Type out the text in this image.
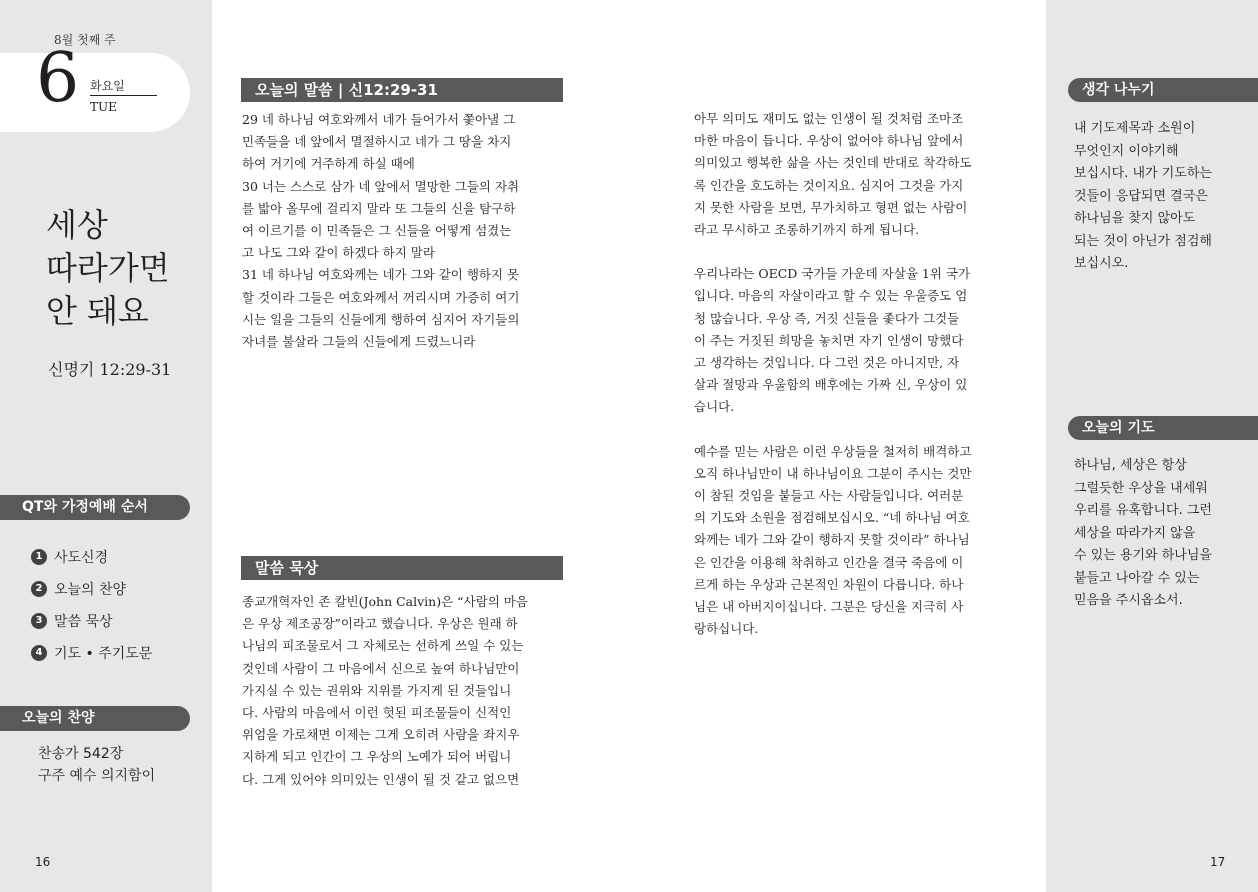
8월 첫째 주
6 화요일
TUE
세상
따라가면
안 돼요
신명기 12:29-31
QT와 가정예배 순서
1 사도신경
2 오늘의 찬양
3 말씀 묵상
4 기도 • 주기도문
오늘의 찬양
찬송가 542장
구주 예수 의지함이
16
오늘의 말씀 | 신12:29-31

29 네 하나님 여호와께서 네가 들어가서 쫓아낼 그

민족들을 네 앞에서 멸절하시고 네가 그 땅을 차지

하여 거기에 거주하게 하실 때에

30 너는 스스로 삼가 네 앞에서 멸망한 그들의 자취

를 밟아 올무에 걸리지 말라 또 그들의 신을 탐구하

여 이르기를 이 민족들은 그 신들을 어떻게 섬겼는

고 나도 그와 같이 하겠다 하지 말라

31 네 하나님 여호와께는 네가 그와 같이 행하지 못

할 것이라 그들은 여호와께서 꺼리시며 가증히 여기

시는 일을 그들의 신들에게 행하여 심지어 자기들의

자녀를 불살라 그들의 신들에게 드렸느니라

말씀 묵상

종교개혁자인 존 칼빈(John Calvin)은 “사람의 마음

은 우상 제조공장”이라고 했습니다. 우상은 원래 하

나님의 피조물로서 그 자체로는 선하게 쓰일 수 있는

것인데 사람이 그 마음에서 신으로 높여 하나님만이

가지실 수 있는 권위와 지위를 가지게 된 것들입니

다. 사람의 마음에서 이런 헛된 피조물들이 신적인

위엄을 가로채면 이제는 그게 오히려 사람을 좌지우

지하게 되고 인간이 그 우상의 노예가 되어 버립니

다. 그게 있어야 의미있는 인생이 될 것 같고 없으면

아무 의미도 재미도 없는 인생이 될 것처럼 조마조

마한 마음이 듭니다. 우상이 없어야 하나님 앞에서

의미있고 행복한 삶을 사는 것인데 반대로 착각하도

록 인간을 호도하는 것이지요. 심지어 그것을 가지

지 못한 사람을 보면, 무가치하고 형편 없는 사람이

라고 무시하고 조롱하기까지 하게 됩니다.

우리나라는 OECD 국가들 가운데 자살율 1위 국가

입니다. 마음의 자살이라고 할 수 있는 우울증도 엄

청 많습니다. 우상 즉, 거짓 신들을 좇다가 그것들

이 주는 거짓된 희망을 놓치면 자기 인생이 망했다

고 생각하는 것입니다. 다 그런 것은 아니지만, 자

살과 절망과 우울함의 배후에는 가짜 신, 우상이 있

습니다.

예수를 믿는 사람은 이런 우상들을 철저히 배격하고

오직 하나님만이 내 하나님이요 그분이 주시는 것만

이 참된 것임을 붙들고 사는 사람들입니다. 여러분

의 기도와 소원을 점검해보십시오. “네 하나님 여호

와께는 네가 그와 같이 행하지 못할 것이라” 하나님

은 인간을 이용해 착취하고 인간을 결국 죽음에 이

르게 하는 우상과 근본적인 차원이 다릅니다. 하나

님은 내 아버지이십니다. 그분은 당신을 지극히 사

랑하십니다.

생각 나누기
내 기도제목과 소원이
무엇인지 이야기해
보십시다. 내가 기도하는
것들이 응답되면 결국은
하나님을 찾지 않아도
되는 것이 아닌가 점검해
보십시오.
오늘의 기도
하나님, 세상은 항상
그럴듯한 우상을 내세워
우리를 유혹합니다. 그런
세상을 따라가지 않을
수 있는 용기와 하나님을
붙들고 나아갈 수 있는
믿음을 주시옵소서.
17
